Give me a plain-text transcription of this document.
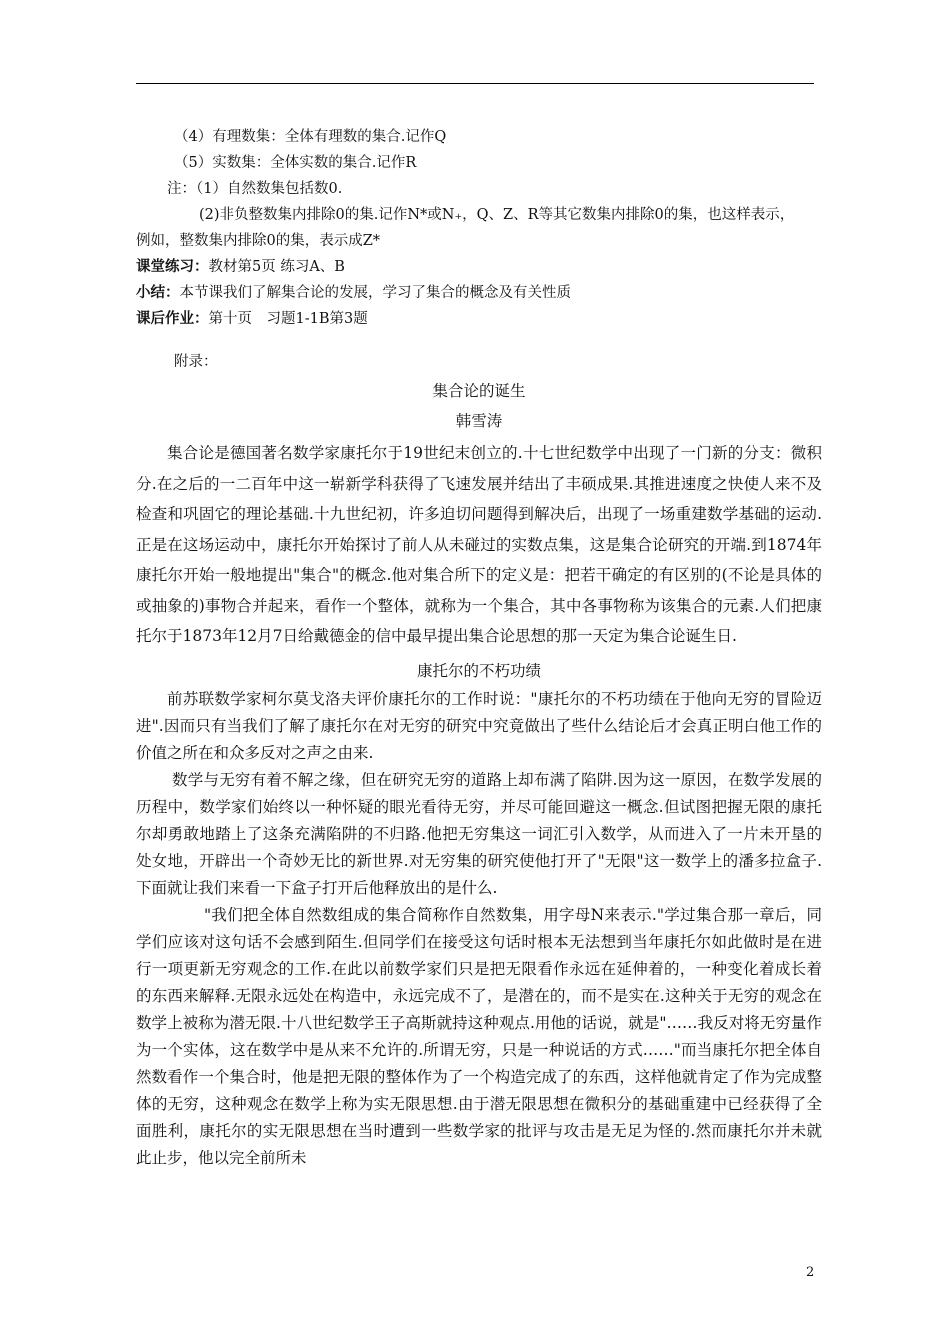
（4）有理数集：全体有理数的集合.记作Q
（5）实数集：全体实数的集合.记作R
注：（1）自然数集包括数0.
(2)非负整数集内排除0的集.记作N*或N₊，Q、Z、R等其它数集内排除0的集，也这样表示，
例如，整数集内排除0的集，表示成Z*
课堂练习：教材第5页 练习A、B
小结：本节课我们了解集合论的发展，学习了集合的概念及有关性质
课后作业：第十页　习题1-1B第3题
附录：
集合论的诞生
韩雪涛
集合论是德国著名数学家康托尔于19世纪末创立的.十七世纪数学中出现了一门新的分支：微积分.在之后的一二百年中这一崭新学科获得了飞速发展并结出了丰硕成果.其推进速度之快使人来不及检查和巩固它的理论基础.十九世纪初，许多迫切问题得到解决后，出现了一场重建数学基础的运动.正是在这场运动中，康托尔开始探讨了前人从未碰过的实数点集，这是集合论研究的开端.到1874年康托尔开始一般地提出"集合"的概念.他对集合所下的定义是：把若干确定的有区别的(不论是具体的或抽象的)事物合并起来，看作一个整体，就称为一个集合，其中各事物称为该集合的元素.人们把康托尔于1873年12月7日给戴德金的信中最早提出集合论思想的那一天定为集合论诞生日.
康托尔的不朽功绩
前苏联数学家柯尔莫戈洛夫评价康托尔的工作时说："康托尔的不朽功绩在于他向无穷的冒险迈进".因而只有当我们了解了康托尔在对无穷的研究中究竟做出了些什么结论后才会真正明白他工作的价值之所在和众多反对之声之由来.
数学与无穷有着不解之缘，但在研究无穷的道路上却布满了陷阱.因为这一原因，在数学发展的历程中，数学家们始终以一种怀疑的眼光看待无穷，并尽可能回避这一概念.但试图把握无限的康托尔却勇敢地踏上了这条充满陷阱的不归路.他把无穷集这一词汇引入数学，从而进入了一片未开垦的处女地，开辟出一个奇妙无比的新世界.对无穷集的研究使他打开了"无限"这一数学上的潘多拉盒子.下面就让我们来看一下盒子打开后他释放出的是什么.
"我们把全体自然数组成的集合简称作自然数集，用字母N来表示."学过集合那一章后，同学们应该对这句话不会感到陌生.但同学们在接受这句话时根本无法想到当年康托尔如此做时是在进行一项更新无穷观念的工作.在此以前数学家们只是把无限看作永远在延伸着的，一种变化着成长着的东西来解释.无限永远处在构造中，永远完成不了，是潜在的，而不是实在.这种关于无穷的观念在数学上被称为潜无限.十八世纪数学王子高斯就持这种观点.用他的话说，就是"……我反对将无穷量作为一个实体，这在数学中是从来不允许的.所谓无穷，只是一种说话的方式……"而当康托尔把全体自然数看作一个集合时，他是把无限的整体作为了一个构造完成了的东西，这样他就肯定了作为完成整体的无穷，这种观念在数学上称为实无限思想.由于潜无限思想在微积分的基础重建中已经获得了全面胜利，康托尔的实无限思想在当时遭到一些数学家的批评与攻击是无足为怪的.然而康托尔并未就此止步，他以完全前所未
2
